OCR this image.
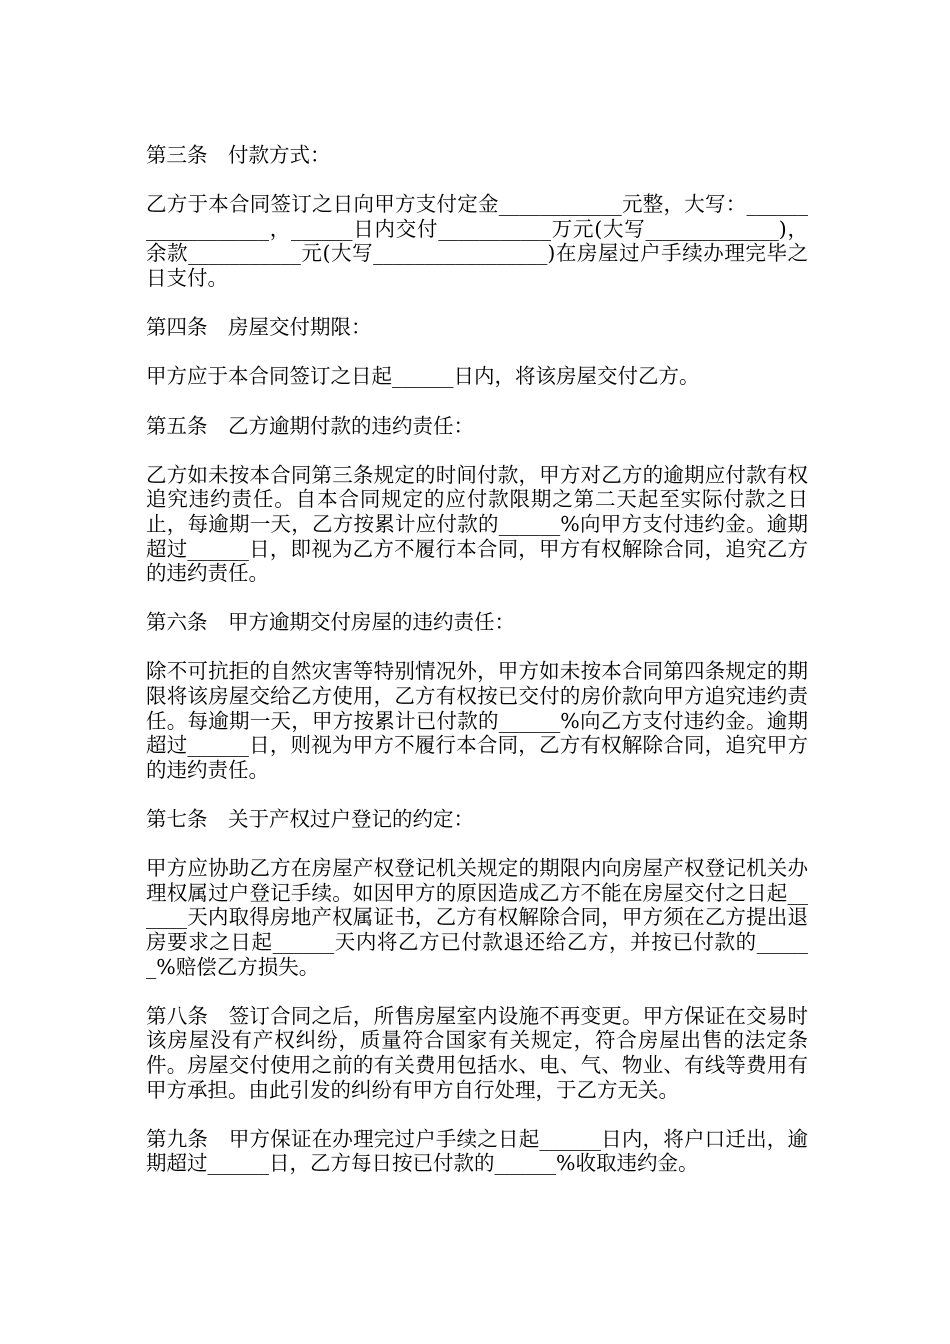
第三条　付款方式：

乙方于本合同签订之日向甲方支付定金____________元整，大写：__________________，______日内交付___________万元(大写_____________)，余款___________元(大写_________________)在房屋过户手续办理完毕之日支付。

第四条　房屋交付期限：

甲方应于本合同签订之日起______日内，将该房屋交付乙方。

第五条　乙方逾期付款的违约责任：

乙方如未按本合同第三条规定的时间付款，甲方对乙方的逾期应付款有权追究违约责任。自本合同规定的应付款限期之第二天起至实际付款之日止，每逾期一天，乙方按累计应付款的______%向甲方支付违约金。逾期超过______日，即视为乙方不履行本合同，甲方有权解除合同，追究乙方的违约责任。

第六条　甲方逾期交付房屋的违约责任：

除不可抗拒的自然灾害等特别情况外，甲方如未按本合同第四条规定的期限将该房屋交给乙方使用，乙方有权按已交付的房价款向甲方追究违约责任。每逾期一天，甲方按累计已付款的______%向乙方支付违约金。逾期超过______日，则视为甲方不履行本合同，乙方有权解除合同，追究甲方的违约责任。

第七条　关于产权过户登记的约定：

甲方应协助乙方在房屋产权登记机关规定的期限内向房屋产权登记机关办理权属过户登记手续。如因甲方的原因造成乙方不能在房屋交付之日起______天内取得房地产权属证书，乙方有权解除合同，甲方须在乙方提出退房要求之日起______天内将乙方已付款退还给乙方，并按已付款的______%赔偿乙方损失。

第八条　签订合同之后，所售房屋室内设施不再变更。甲方保证在交易时该房屋没有产权纠纷，质量符合国家有关规定，符合房屋出售的法定条件。房屋交付使用之前的有关费用包括水、电、气、物业、有线等费用有甲方承担。由此引发的纠纷有甲方自行处理，于乙方无关。

第九条　甲方保证在办理完过户手续之日起______日内，将户口迁出，逾期超过______日，乙方每日按已付款的______%收取违约金。
